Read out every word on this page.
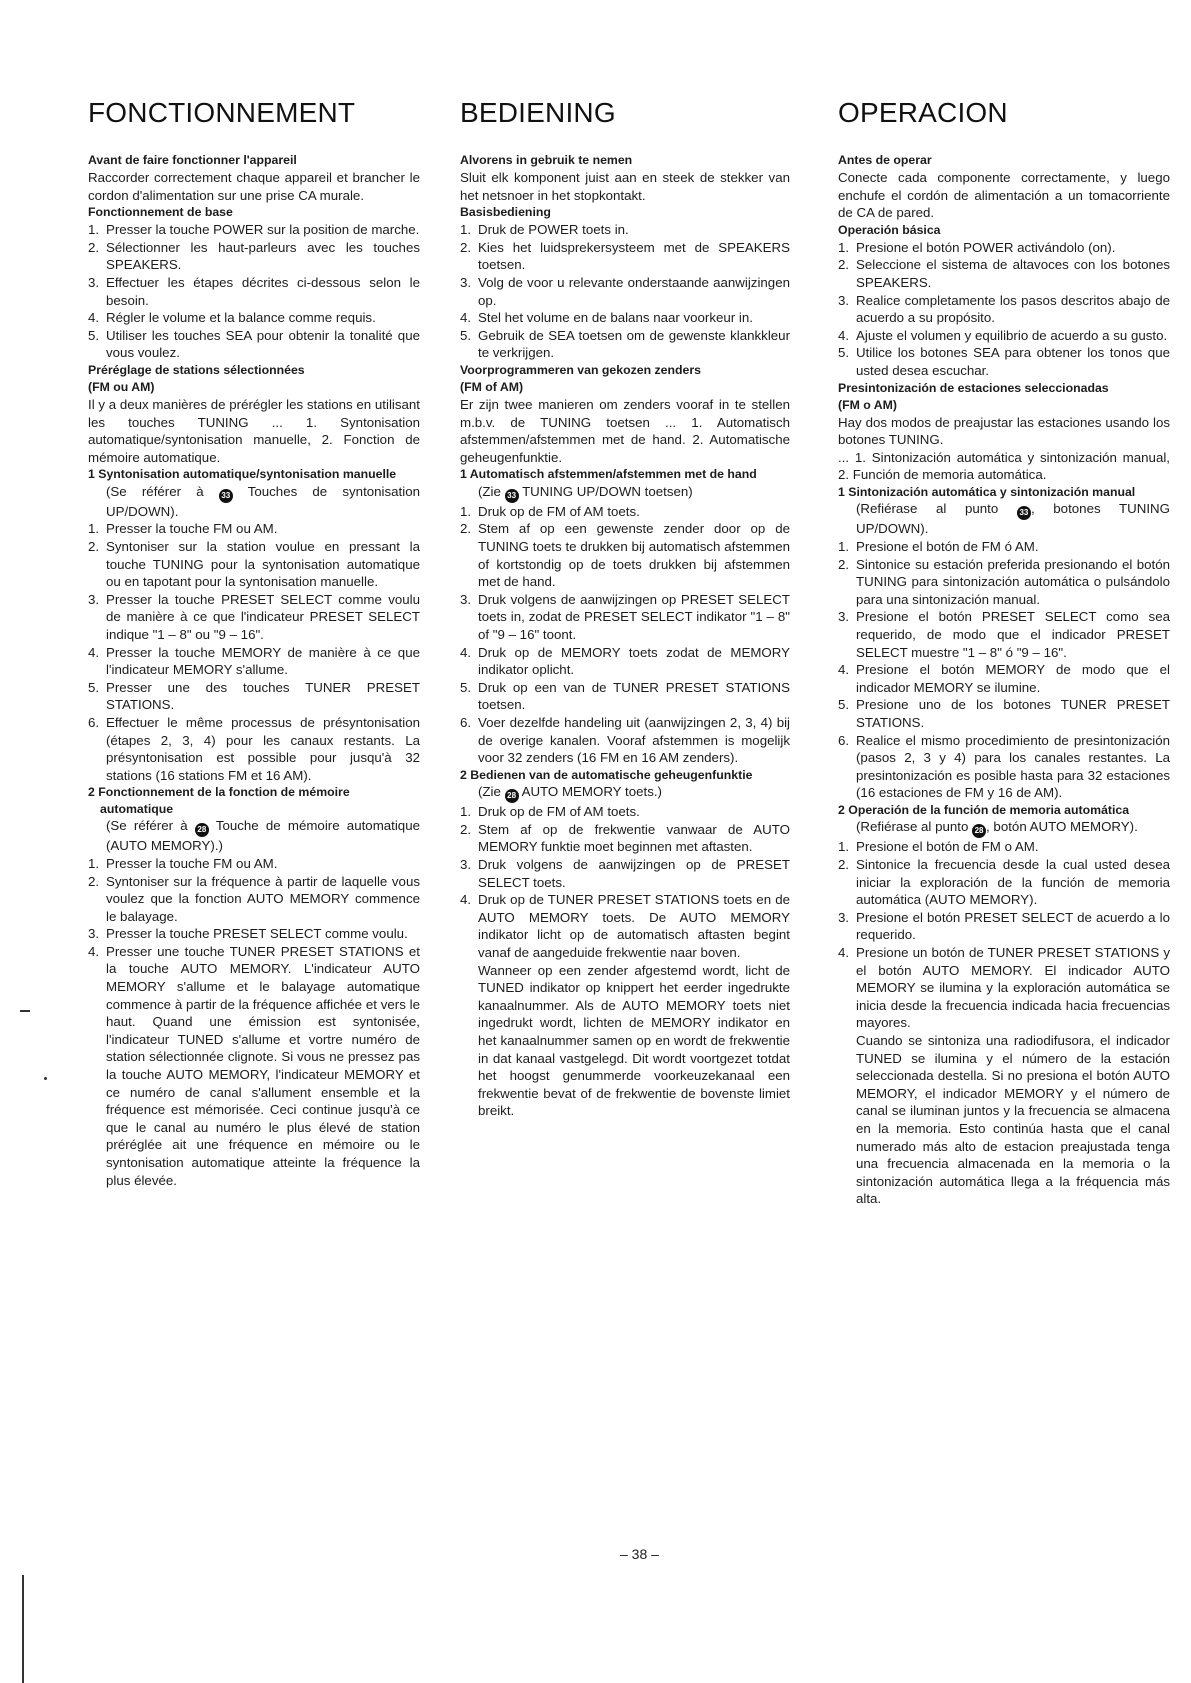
FONCTIONNEMENT
Avant de faire fonctionner l'appareil
Raccorder correctement chaque appareil et brancher le cordon d'alimentation sur une prise CA murale.
Fonctionnement de base
1. Presser la touche POWER sur la position de marche.
2. Sélectionner les haut-parleurs avec les touches SPEAKERS.
3. Effectuer les étapes décrites ci-dessous selon le besoin.
4. Régler le volume et la balance comme requis.
5. Utiliser les touches SEA pour obtenir la tonalité que vous voulez.
Préréglage de stations sélectionnées
(FM ou AM)
Il y a deux manières de prérégler les stations en utilisant les touches TUNING ... 1. Syntonisation automatique/syntonisation manuelle, 2. Fonction de mémoire automatique.
1 Syntonisation automatique/syntonisation manuelle
(Se référer à 33 Touches de syntonisation UP/DOWN).
1. Presser la touche FM ou AM.
2. Syntoniser sur la station voulue en pressant la touche TUNING pour la syntonisation automatique ou en tapotant pour la syntonisation manuelle.
3. Presser la touche PRESET SELECT comme voulu de manière à ce que l'indicateur PRESET SELECT indique "1 – 8" ou "9 – 16".
4. Presser la touche MEMORY de manière à ce que l'indicateur MEMORY s'allume.
5. Presser une des touches TUNER PRESET STATIONS.
6. Effectuer le même processus de présyntonisation (étapes 2, 3, 4) pour les canaux restants. La présyntonisation est possible pour jusqu'à 32 stations (16 stations FM et 16 AM).
2 Fonctionnement de la fonction de mémoire automatique
(Se référer à 28 Touche de mémoire automatique (AUTO MEMORY).)
1. Presser la touche FM ou AM.
2. Syntoniser sur la fréquence à partir de laquelle vous voulez que la fonction AUTO MEMORY commence le balayage.
3. Presser la touche PRESET SELECT comme voulu.
4. Presser une touche TUNER PRESET STATIONS et la touche AUTO MEMORY. L'indicateur AUTO MEMORY s'allume et le balayage automatique commence à partir de la fréquence affichée et vers le haut. Quand une émission est syntonisée, l'indicateur TUNED s'allume et vortre numéro de station sélectionnée clignote. Si vous ne pressez pas la touche AUTO MEMORY, l'indicateur MEMORY et ce numéro de canal s'allument ensemble et la fréquence est mémorisée. Ceci continue jusqu'à ce que le canal au numéro le plus élevé de station préréglée ait une fréquence en mémoire ou le syntonisation automatique atteinte la fréquence la plus élevée.
BEDIENING
Alvorens in gebruik te nemen
Sluit elk komponent juist aan en steek de stekker van het netsnoer in het stopkontakt.
Basisbediening
1. Druk de POWER toets in.
2. Kies het luidsprekersysteem met de SPEAKERS toetsen.
3. Volg de voor u relevante onderstaande aanwijzingen op.
4. Stel het volume en de balans naar voorkeur in.
5. Gebruik de SEA toetsen om de gewenste klankkleur te verkrijgen.
Voorprogrammeren van gekozen zenders
(FM of AM)
Er zijn twee manieren om zenders vooraf in te stellen m.b.v. de TUNING toetsen ... 1. Automatisch afstemmen/afstemmen met de hand. 2. Automatische geheugenfunktie.
1 Automatisch afstemmen/afstemmen met de hand
(Zie 33 TUNING UP/DOWN toetsen)
1. Druk op de FM of AM toets.
2. Stem af op een gewenste zender door op de TUNING toets te drukken bij automatisch afstemmen of kortstondig op de toets drukken bij afstemmen met de hand.
3. Druk volgens de aanwijzingen op PRESET SELECT toets in, zodat de PRESET SELECT indikator "1 – 8" of "9 – 16" toont.
4. Druk op de MEMORY toets zodat de MEMORY indikator oplicht.
5. Druk op een van de TUNER PRESET STATIONS toetsen.
6. Voer dezelfde handeling uit (aanwijzingen 2, 3, 4) bij de overige kanalen. Vooraf afstemmen is mogelijk voor 32 zenders (16 FM en 16 AM zenders).
2 Bedienen van de automatische geheugenfunktie
(Zie 28 AUTO MEMORY toets.)
1. Druk op de FM of AM toets.
2. Stem af op de frekwentie vanwaar de AUTO MEMORY funktie moet beginnen met aftasten.
3. Druk volgens de aanwijzingen op de PRESET SELECT toets.
4. Druk op de TUNER PRESET STATIONS toets en de AUTO MEMORY toets. De AUTO MEMORY indikator licht op de automatisch aftasten begint vanaf de aangeduide frekwentie naar boven.
Wanneer op een zender afgestemd wordt, licht de TUNED indikator op knippert het eerder ingedrukte kanaalnummer. Als de AUTO MEMORY toets niet ingedrukt wordt, lichten de MEMORY indikator en het kanaalnummer samen op en wordt de frekwentie in dat kanaal vastgelegd. Dit wordt voortgezet totdat het hoogst genummerde voorkeuzekanaal een frekwentie bevat of de frekwentie de bovenste limiet breikt.
OPERACION
Antes de operar
Conecte cada componente correctamente, y luego enchufe el cordón de alimentación a un tomacorriente de CA de pared.
Operación básica
1. Presione el botón POWER activándolo (on).
2. Seleccione el sistema de altavoces con los botones SPEAKERS.
3. Realice completamente los pasos descritos abajo de acuerdo a su propósito.
4. Ajuste el volumen y equilibrio de acuerdo a su gusto.
5. Utilice los botones SEA para obtener los tonos que usted desea escuchar.
Presintonización de estaciones seleccionadas
(FM o AM)
Hay dos modos de preajustar las estaciones usando los botones TUNING.
... 1. Sintonización automática y sintonización manual, 2. Función de memoria automática.
1 Sintonización automática y sintonización manual
(Refiérase al punto 33 , botones TUNING UP/DOWN).
1. Presione el botón de FM ó AM.
2. Sintonice su estación preferida presionando el botón TUNING para sintonización automática o pulsándolo para una sintonización manual.
3. Presione el botón PRESET SELECT como sea requerido, de modo que el indicador PRESET SELECT muestre "1 – 8" ó "9 – 16".
4. Presione el botón MEMORY de modo que el indicador MEMORY se ilumine.
5. Presione uno de los botones TUNER PRESET STATIONS.
6. Realice el mismo procedimiento de presintonización (pasos 2, 3 y 4) para los canales restantes. La presintonización es posible hasta para 32 estaciones (16 estaciones de FM y 16 de AM).
2 Operación de la función de memoria automática
(Refiérase al punto 28 , botón AUTO MEMORY).
1. Presione el botón de FM o AM.
2. Sintonice la frecuencia desde la cual usted desea iniciar la exploración de la función de memoria automática (AUTO MEMORY).
3. Presione el botón PRESET SELECT de acuerdo a lo requerido.
4. Presione un botón de TUNER PRESET STATIONS y el botón AUTO MEMORY. El indicador AUTO MEMORY se ilumina y la exploración automática se inicia desde la frecuencia indicada hacia frecuencias mayores.
Cuando se sintoniza una radiodifusora, el indicador TUNED se ilumina y el número de la estación seleccionada destella. Si no presiona el botón AUTO MEMORY, el indicador MEMORY y el número de canal se iluminan juntos y la frecuencia se almacena en la memoria. Esto continúa hasta que el canal numerado más alto de estacion preajustada tenga una frecuencia almacenada en la memoria o la sintonización automática llega a la fréquencia más alta.
– 38 –
